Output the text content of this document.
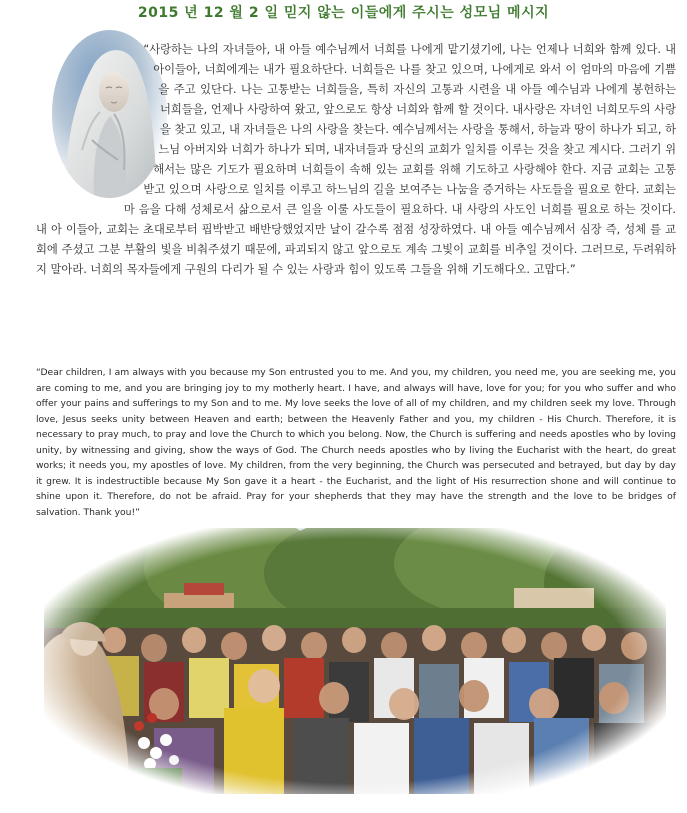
2015 년 12 월 2 일 믿지 않는 이들에게 주시는 성모님 메시지

“사랑하는 나의 자녀들아, 내 아들 예수님께서 너희를 나에게 맡기셨기에, 나는 언제나 너희와 함께 있다. 내아이들아, 너희에게는 내가 필요하단다. 너희들은 나를 찾고 있으며, 나에게로 와서 이 엄마의 마음에 기쁨을 주고 있단다. 나는 고통받는 너희들을, 특히 자신의 고통과 시련을 내 아들 예수님과 나에게 봉헌하는 너희들을, 언제나 사랑하여 왔고, 앞으로도 항상 너희와 함께 할 것이다. 내사랑은 자녀인 너희모두의 사랑을 찾고 있고, 내 자녀들은 나의 사랑을 찾는다. 예수님께서는 사랑을 통해서, 하늘과 땅이 하나가 되고, 하느님 아버지와 너희가 하나가 되며, 내자녀들과 당신의 교회가 일치를 이루는 것을 찾고 계시다. 그러기 위해서는 많은 기도가 필요하며 너희들이 속해 있는 교회를 위해 기도하고 사랑해야 한다. 지금 교회는 고통받고 있으며 사랑으로 일치를 이루고 하느님의 길을 보여주는 나눔을 증거하는 사도들을 필요로 한다. 교회는 마 음을 다해 성체로서 삶으로서 큰 일을 이룰 사도들이 필요하다. 내 사랑의 사도인 너희를 필요로 하는 것이다. 내 아 이들아, 교회는 초대로부터 핍박받고 배반당했었지만 날이 갈수록 점점 성장하였다. 내 아들 예수님께서 심장 즉, 성체 를 교회에 주셨고 그분 부활의 빛을 비춰주셨기 때문에, 파괴되지 않고 앞으로도 계속 그빛이 교회를 비추일 것이다. 그러므로, 두려워하지 말아라. 너희의 목자들에게 구원의 다리가 될 수 있는 사랑과 힘이 있도록 그들을 위해 기도해다오. 고맙다.”

“Dear children, I am always with you because my Son entrusted you to me. And you, my children, you need me, you are seeking me, you are coming to me, and you are bringing joy to my motherly heart. I have, and always will have, love for you; for you who suffer and who offer your pains and sufferings to my Son and to me. My love seeks the love of all of my children, and my children seek my love. Through love, Jesus seeks unity between Heaven and earth; between the Heavenly Father and you, my children - His Church. Therefore, it is necessary to pray much, to pray and love the Church to which you belong. Now, the Church is suffering and needs apostles who by loving unity, by witnessing and giving, show the ways of God. The Church needs apostles who by living the Eucharist with the heart, do great works; it needs you, my apostles of love. My children, from the very beginning, the Church was persecuted and betrayed, but day by day it grew. It is indestructible because My Son gave it a heart - the Eucharist, and the light of His resurrection shone and will continue to shine upon it. Therefore, do not be afraid. Pray for your shepherds that they may have the strength and the love to be bridges of salvation. Thank you!”
